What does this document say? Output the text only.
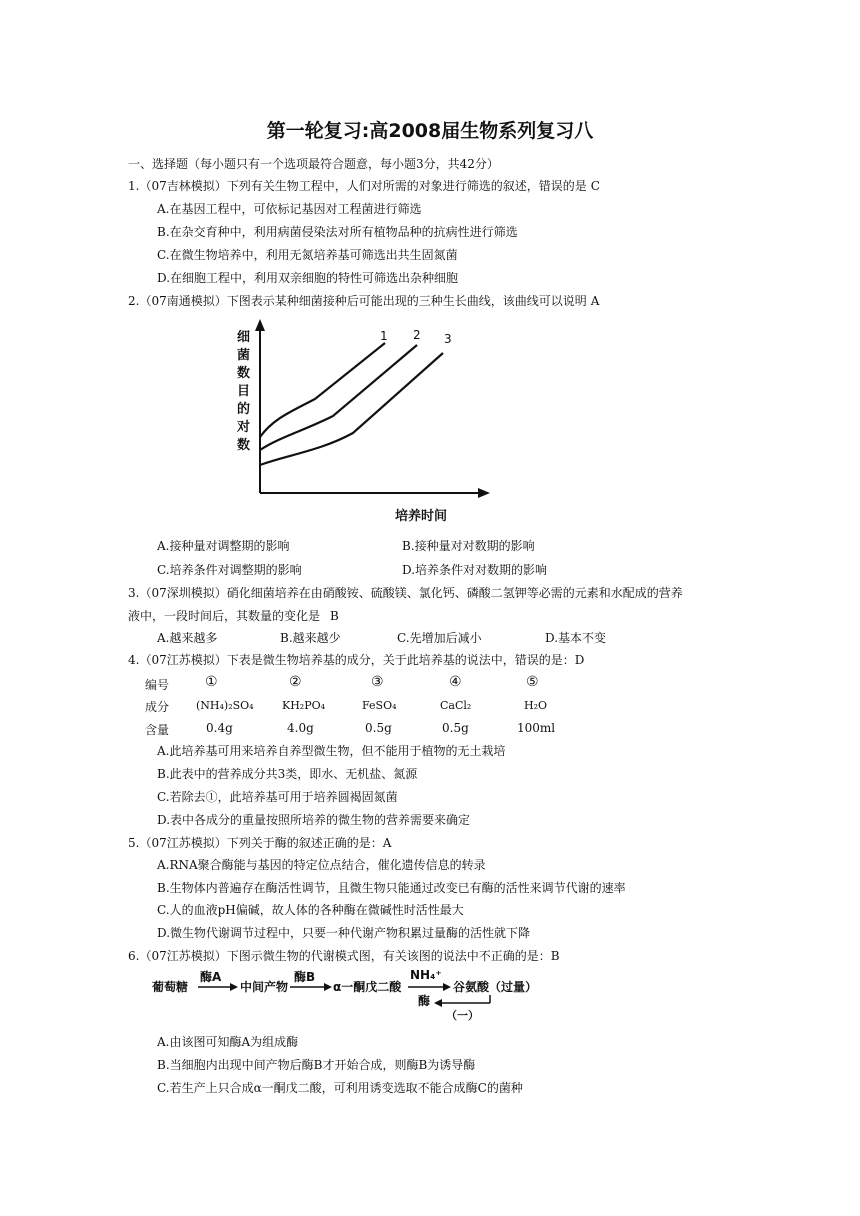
第一轮复习:高2008届生物系列复习八
一、选择题（每小题只有一个选项最符合题意，每小题3分，共42分）
1.（07吉林模拟）下列有关生物工程中，人们对所需的对象进行筛选的叙述，错误的是 C
A.在基因工程中，可依标记基因对工程菌进行筛选
B.在杂交育种中，利用病菌侵染法对所有植物品种的抗病性进行筛选
C.在微生物培养中，利用无氮培养基可筛选出共生固氮菌
D.在细胞工程中，利用双亲细胞的特性可筛选出杂种细胞
2.（07南通模拟）下图表示某种细菌接种后可能出现的三种生长曲线，该曲线可以说明 A
细 菌 数 目 的 对 数
1 2 3
培养时间
A.接种量对调整期的影响	B.接种量对对数期的影响
C.培养条件对调整期的影响	D.培养条件对对数期的影响
3.（07深圳模拟）硝化细菌培养在由硝酸铵、硫酸镁、氯化钙、磷酸二氢钾等必需的元素和水配成的营养
液中，一段时间后，其数量的变化是 B
A.越来越多	B.越来越少	C.先增加后减小	D.基本不变
4.（07江苏模拟）下表是微生物培养基的成分，关于此培养基的说法中，错误的是：D
编号	①	②	③	④	⑤
成分 (NH₄)₂SO₄	KH₂PO₄	FeSO₄	CaCl₂	H₂O
含量	0.4g	4.0g	0.5g	0.5g	100ml
A.此培养基可用来培养自养型微生物，但不能用于植物的无土栽培
B.此表中的营养成分共3类，即水、无机盐、氮源
C.若除去①，此培养基可用于培养圆褐固氮菌
D.表中各成分的重量按照所培养的微生物的营养需要来确定
5.（07江苏模拟）下列关于酶的叙述正确的是：A
A.RNA聚合酶能与基因的特定位点结合，催化遗传信息的转录
B.生物体内普遍存在酶活性调节，且微生物只能通过改变已有酶的活性来调节代谢的速率
C.人的血液pH偏碱，故人体的各种酶在微碱性时活性最大
D.微生物代谢调节过程中，只要一种代谢产物积累过量酶的活性就下降
6.（07江苏模拟）下图示微生物的代谢模式图，有关该图的说法中不正确的是：B
葡萄糖
酶A
中间产物
酶B
α一酮戊二酸
NH₄⁺
酶
谷氨酸（过量）
（一）
A.由该图可知酶A为组成酶
B.当细胞内出现中间产物后酶B才开始合成，则酶B为诱导酶
C.若生产上只合成α一酮戊二酸，可利用诱变选取不能合成酶C的菌种
